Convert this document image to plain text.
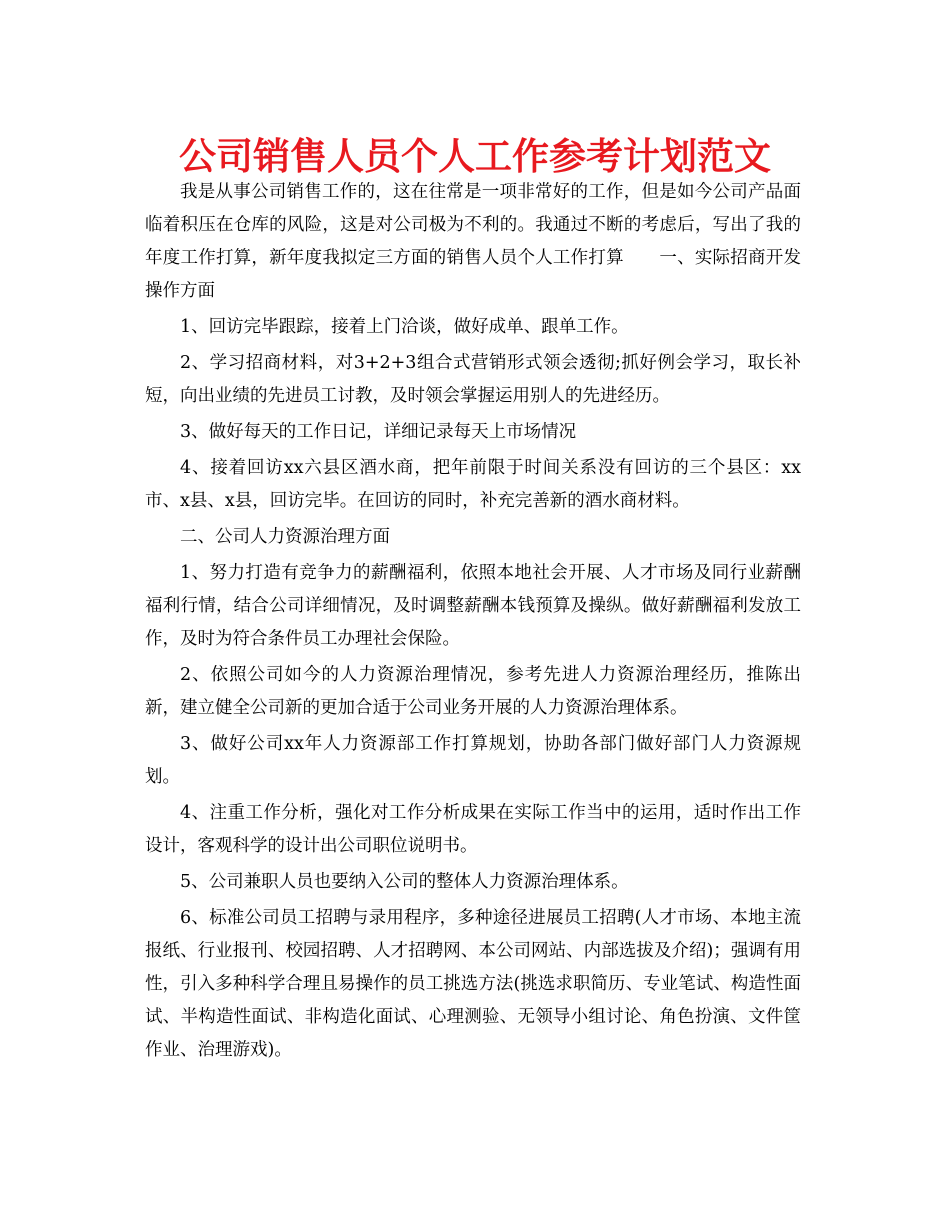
公司销售人员个人工作参考计划范文

我是从事公司销售工作的，这在往常是一项非常好的工作，但是如今公司产品面临着积压在仓库的风险，这是对公司极为不利的。我通过不断的考虑后，写出了我的年度工作打算，新年度我拟定三方面的销售人员个人工作打算　　一、实际招商开发操作方面

1、回访完毕跟踪，接着上门洽谈，做好成单、跟单工作。

2、学习招商材料，对3+2+3组合式营销形式领会透彻;抓好例会学习，取长补短，向出业绩的先进员工讨教，及时领会掌握运用别人的先进经历。

3、做好每天的工作日记，详细记录每天上市场情况

4、接着回访xx六县区酒水商，把年前限于时间关系没有回访的三个县区：xx市、x县、x县，回访完毕。在回访的同时，补充完善新的酒水商材料。

二、公司人力资源治理方面

1、努力打造有竞争力的薪酬福利，依照本地社会开展、人才市场及同行业薪酬福利行情，结合公司详细情况，及时调整薪酬本钱预算及操纵。做好薪酬福利发放工作，及时为符合条件员工办理社会保险。

2、依照公司如今的人力资源治理情况，参考先进人力资源治理经历，推陈出新，建立健全公司新的更加合适于公司业务开展的人力资源治理体系。

3、做好公司xx年人力资源部工作打算规划，协助各部门做好部门人力资源规划。

4、注重工作分析，强化对工作分析成果在实际工作当中的运用，适时作出工作设计，客观科学的设计出公司职位说明书。

5、公司兼职人员也要纳入公司的整体人力资源治理体系。

6、标准公司员工招聘与录用程序，多种途径进展员工招聘(人才市场、本地主流报纸、行业报刊、校园招聘、人才招聘网、本公司网站、内部选拔及介绍)；强调有用性，引入多种科学合理且易操作的员工挑选方法(挑选求职简历、专业笔试、构造性面试、半构造性面试、非构造化面试、心理测验、无领导小组讨论、角色扮演、文件筐作业、治理游戏)。
